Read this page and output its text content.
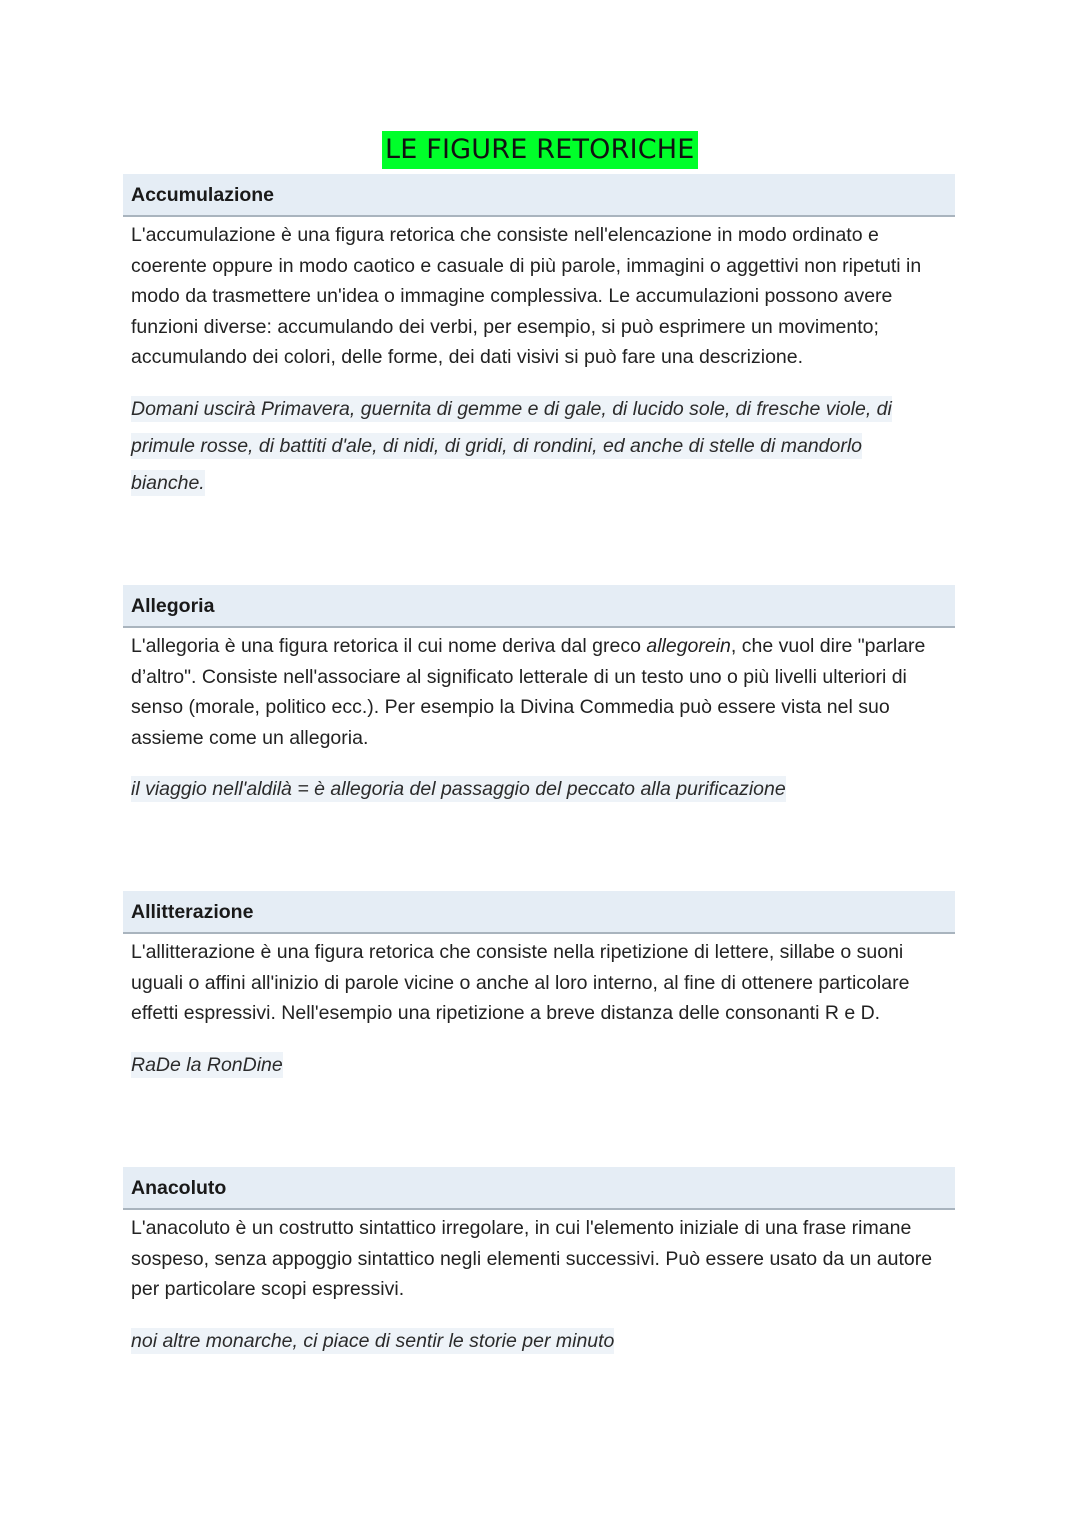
LE FIGURE RETORICHE
Accumulazione
L'accumulazione è una figura retorica che consiste nell'elencazione in modo ordinato e coerente oppure in modo caotico e casuale di più parole, immagini o aggettivi non ripetuti in modo da trasmettere un'idea o immagine complessiva. Le accumulazioni possono avere funzioni diverse: accumulando dei verbi, per esempio, si può esprimere un movimento; accumulando dei colori, delle forme, dei dati visivi si può fare una descrizione.
Domani uscirà Primavera, guernita di gemme e di gale, di lucido sole, di fresche viole, di primule rosse, di battiti d'ale, di nidi, di gridi, di rondini, ed anche di stelle di mandorlo bianche.
Allegoria
L'allegoria è una figura retorica il cui nome deriva dal greco allegorein, che vuol dire "parlare d’altro". Consiste nell'associare al significato letterale di un testo uno o più livelli ulteriori di senso (morale, politico ecc.). Per esempio la Divina Commedia può essere vista nel suo assieme come un allegoria.
il viaggio nell'aldilà = è allegoria del passaggio del peccato alla purificazione
Allitterazione
L'allitterazione è una figura retorica che consiste nella ripetizione di lettere, sillabe o suoni uguali o affini all'inizio di parole vicine o anche al loro interno, al fine di ottenere particolare effetti espressivi. Nell'esempio una ripetizione a breve distanza delle consonanti R e D.
RaDe la RonDine
Anacoluto
L'anacoluto è un costrutto sintattico irregolare, in cui l'elemento iniziale di una frase rimane sospeso, senza appoggio sintattico negli elementi successivi. Può essere usato da un autore per particolare scopi espressivi.
noi altre monarche, ci piace di sentir le storie per minuto
